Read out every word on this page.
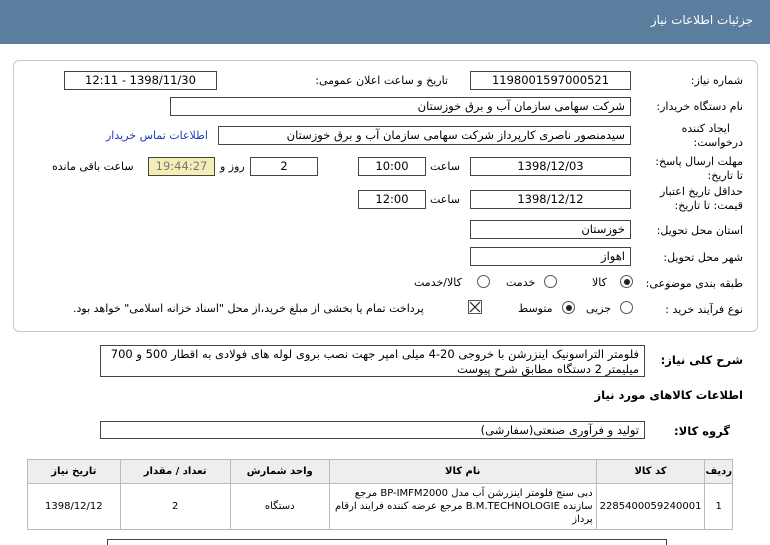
جزئیات اطلاعات نیاز
شماره نیاز:
1198001597000521
تاریخ و ساعت اعلان عمومی:
1398/11/30 - 12:11
نام دستگاه خریدار:
شرکت سهامی سازمان آب و برق خوزستان
ایجاد کننده
درخواست:
سیدمنصور ناصری کارپرداز شرکت سهامی سازمان آب و برق خوزستان
اطلاعات تماس خریدار
مهلت ارسال پاسخ:
تا تاریخ:
1398/12/03
ساعت
10:00
2
روز و
19:44:27
ساعت باقی مانده
حداقل تاریخ اعتبار
قیمت: تا تاریخ:
1398/12/12
ساعت
12:00
استان محل تحویل:
خوزستان
شهر محل تحویل:
اهواز
طبقه بندی موضوعی:
کالا
خدمت
کالا/خدمت
نوع فرآیند خرید :
جزیی
متوسط
پرداخت تمام یا بخشی از مبلغ خرید،از محل "اسناد خزانه اسلامی" خواهد بود.
شرح کلی نیاز:
فلومتر التراسونیک اینزرشن با خروجی 20-4 میلی امپر جهت نصب بروی لوله های فولادی به اقطار 500 و 700 میلیمتر 2 دستگاه مطابق شرح پیوست
اطلاعات کالاهای مورد نیاز
گروه کالا:
تولید و فرآوری صنعتی(سفارشی)
ردیف	کد کالا	نام کالا	واحد شمارش	تعداد / مقدار	تاریخ نیاز
1	2285400059240001	دبی سنج فلومتر اینزرشن آب مدل BP-IMFM2000 مرجع سازنده B.M.TECHNOLOGIE مرجع عرضه کننده فرایند ارقام پرداز	دستگاه	2	1398/12/12
